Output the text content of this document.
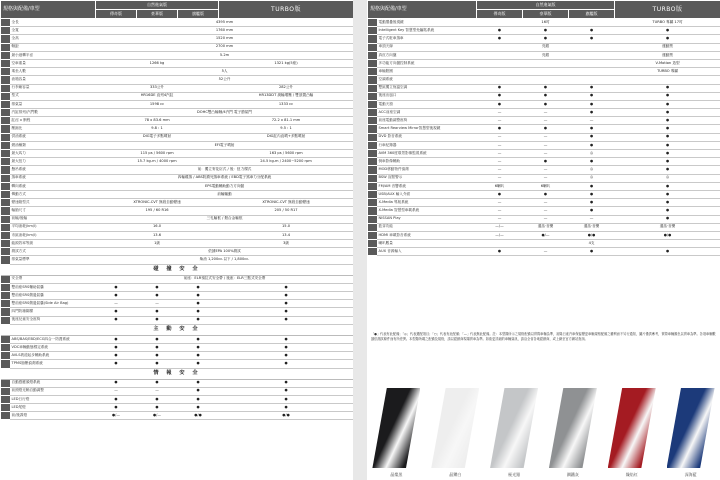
規格與配備/車型		自然進氣版			TURBO版
		傳奇版	豪華版	旗艦版	
	全長	4395 mm			
	全寬	1760 mm			
	全高	1520 mm			
	軸距	2700 mm			
	最小迴轉半徑	5.2m			
	空車重量	1266 kg			1321 kg(5座)
	乘坐人數	5人			
	油箱容量	52公升			
	行李廂容量	333公升			282公升
	型式	HR16DE 直列4汽缸			HR13DDT 渦輪增壓 / 雙頂置凸輪
	排氣量	1598 cc			1333 cc
	汽缸排列/汽門數	DOHC雙凸輪軸/4汽門 電子節氣門			
	缸徑 x 衝程	78 x 83.6 mm			72.2 x 81.1 mm
	壓縮比	9.8 : 1			9.5 : 1
	供油系統	DIG電子多點噴射			DIG缸內直噴+多點噴射
	燃油種類	EFI電子噴射			
	最大馬力	115 ps / 5600 rpm			163 ps / 5600 rpm
	最大扭力	15.7 kg-m / 4000 rpm			24.5 kg-m / 2400~5200 rpm
	懸吊系統	前：獨立麥花臣式 / 後：扭力樑式			
	煞車系統	四輪碟煞 / ABS防鎖死煞車系統 / EBD電子煞車力分配系統			
	轉向系統	EPS電動輔助動力方向盤			
	傳動方式	前輪驅動			
	變速箱型式	XTRONIC-CVT 無段自動變速			XTRONIC-CVT 無段自動變速
	輪胎尺寸	195 / 60 R16			205 / 50 R17
	前輪/後輪	三孔輪框 / 鋁合金輪框			
	平均油耗(km/l)	16.0			15.0
	市區油耗(km/l)	13.6			13.4
	能源效率等級	1級			3級
	測試方式	依據EPA 100%測試			
	排氣量標準	柴油 1,200cc.以下 / 1,800cc.			
碰 撞 安 全					
	安全帶	前座：ELR預拉式安全帶 / 後座：ELR三點式安全帶			
	雙前座SRS輔助氣囊	●	●	●	●
	雙前座SRS側邊氣囊	●	●	●	●
	雙前座SRS側邊氣囊(Side Air Bag)	—	—	●	●
	四門防撞鋼樑	●	●	●	●
	後座兒童安全座椅	●	●	●	●
主 動 安 全					
	ABS/BAS/EBD/ECG四合一防護系統	●	●	●	●
	VDC車輛動態穩定系統	●	●	●	●
	AVLS坡道起步輔助系統	●	●	●	●
	TPMS胎壓偵測系統	●	●	●	●
情 報 安 全					
	自動感應頭燈系統	●	●	●	●
	前照燈光軸自動調整	—	—	●	●
	LED日行燈	●	●	●	●
	LED尾燈	●	●	●	●
	前/後霧燈	●/—	●/—	●/●	●/●
規格與配備/車型		自然進氣版			TURBO版
		傳奇版	豪華版	旗艦版	
	電動摺疊後視鏡		16吋		TURBO 專屬 17吋
	Intelligent Key 智慧型免鑰匙系統	●	●	●	●
	電子式駐車煞車	●	●	●	●
	車頂天線		亮銀		運動黑
	真皮方向盤		亮銀		運動黑
	多功能方向盤控制系統				V-Motion 造型
	車輪鋁圈				TURBO 專屬
	空調系統				
	雙區獨立恆溫空調	●	●	●	●
	後座出風口	●	●	●	●
	電動天窗	●	●	●	●
	ACC前座空調	—	—	●	●
	前座電動調整座椅	—	—	—	●
	Smart Rearview Mirror智慧型後視鏡	●	●	●	●
	DVD 影音系統	—	—	●	●
	行車紀錄器	—	—	●	●
	AVM 360度環景影像監視系統	—	—	◎	●
	倒車影像輔助	—	●	●	●
	MOD移動物件偵測	—	—	◎	●
	BSW 盲點警示	—	—	◎	◎
	FM/AM 音響系統	6喇叭	6喇叭	●	●
	USB/AUX 輸入介面	●	●	●	●
	X-Media 導航系統	—	—	●	●
	X-Media 智慧型車載系統	—	—	●	●
	NISSAN Play	—	—	—	●
	藍芽功能	—/—	通話·音樂	通話·音樂	通話·音樂
	HDMI 車載影音系統	—/—	●/—	●/●	●/●
	喇叭數量			4支	
	AUX 音源輸入	●	—	●	●
「●」代表有此配備；「◎」代表選配項目；「○」代表有此配備；「—」代表無此配備。註：本型錄所示之規格配備以實際車輛為準，裕隆日產汽車保留變更車輛規格配備之權利而不另行通知，圖片僅供參考，實際車輛顏色以實車為準。各項車輛數據依測試條件而有所差異。本型錄所載之配備及規格，請以經銷商現場實車為準。如欲更詳細的車輛資訊，請洽全省各地經銷商，或上網至官方網站查詢。
晶燦黑	晶鑽白	極光銀	鋼鐵灰	熾焰紅	深海藍
